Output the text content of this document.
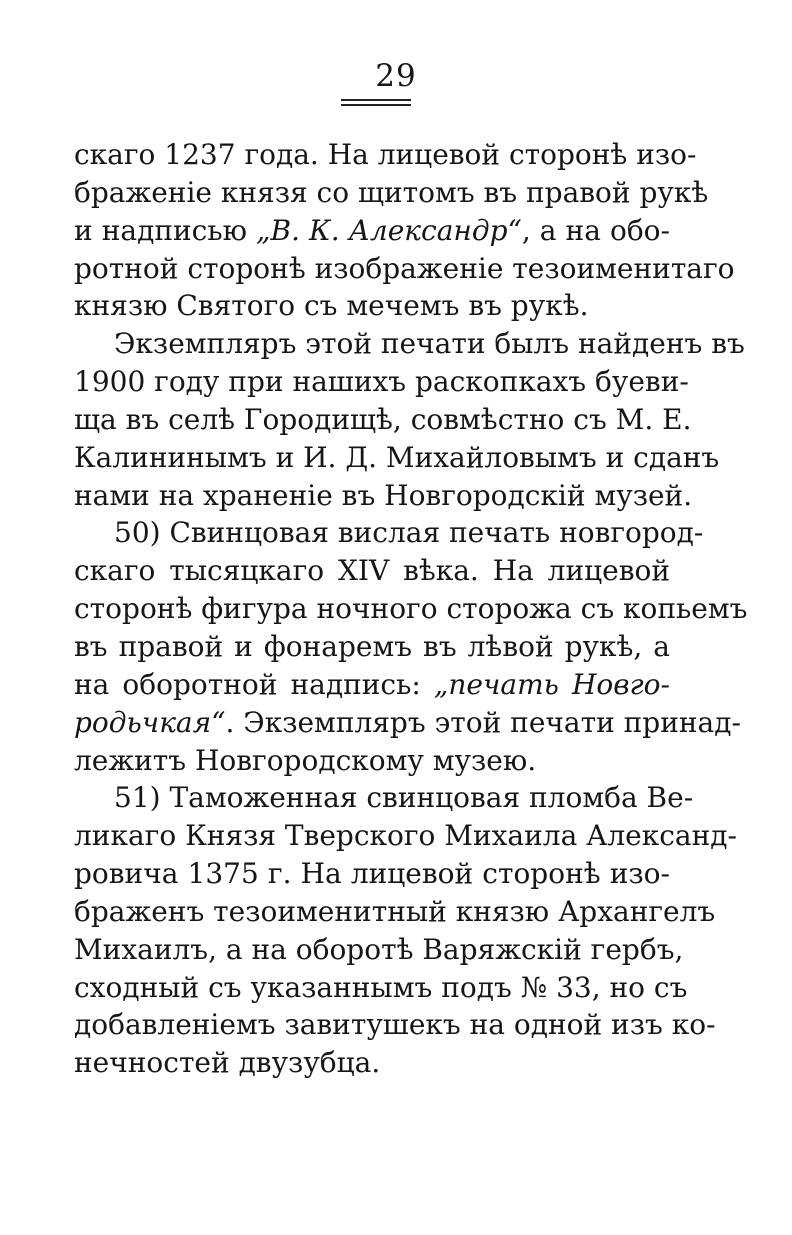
29
скаго 1237 года. На лицевой сторонѣ изо-
браженіе князя со щитомъ въ правой рукѣ
и надписью „В. К. Александр“, а на обо-
ротной сторонѣ изображеніе тезоименитаго
князю Святого съ мечемъ въ рукѣ.
Экземпляръ этой печати былъ найденъ въ
1900 году при нашихъ раскопкахъ буеви-
ща въ селѣ Городищѣ, совмѣстно съ М. Е.
Калининымъ и И. Д. Михайловымъ и сданъ
нами на храненіе въ Новгородскій музей.
50) Свинцовая вислая печать новгород-
скаго тысяцкаго XIV вѣка. На лицевой
сторонѣ фигура ночного сторожа съ копьемъ
въ правой и фонаремъ въ лѣвой рукѣ, а
на оборотной надпись: „печать Новго-
родьчкая“. Экземпляръ этой печати принад-
лежитъ Новгородскому музею.
51) Таможенная свинцовая пломба Ве-
ликаго Князя Тверского Михаила Александ-
ровича 1375 г. На лицевой сторонѣ изо-
браженъ тезоименитный князю Архангелъ
Михаилъ, а на оборотѣ Варяжскій гербъ,
сходный съ указаннымъ подъ № 33, но съ
добавленіемъ завитушекъ на одной изъ ко-
нечностей двузубца.
